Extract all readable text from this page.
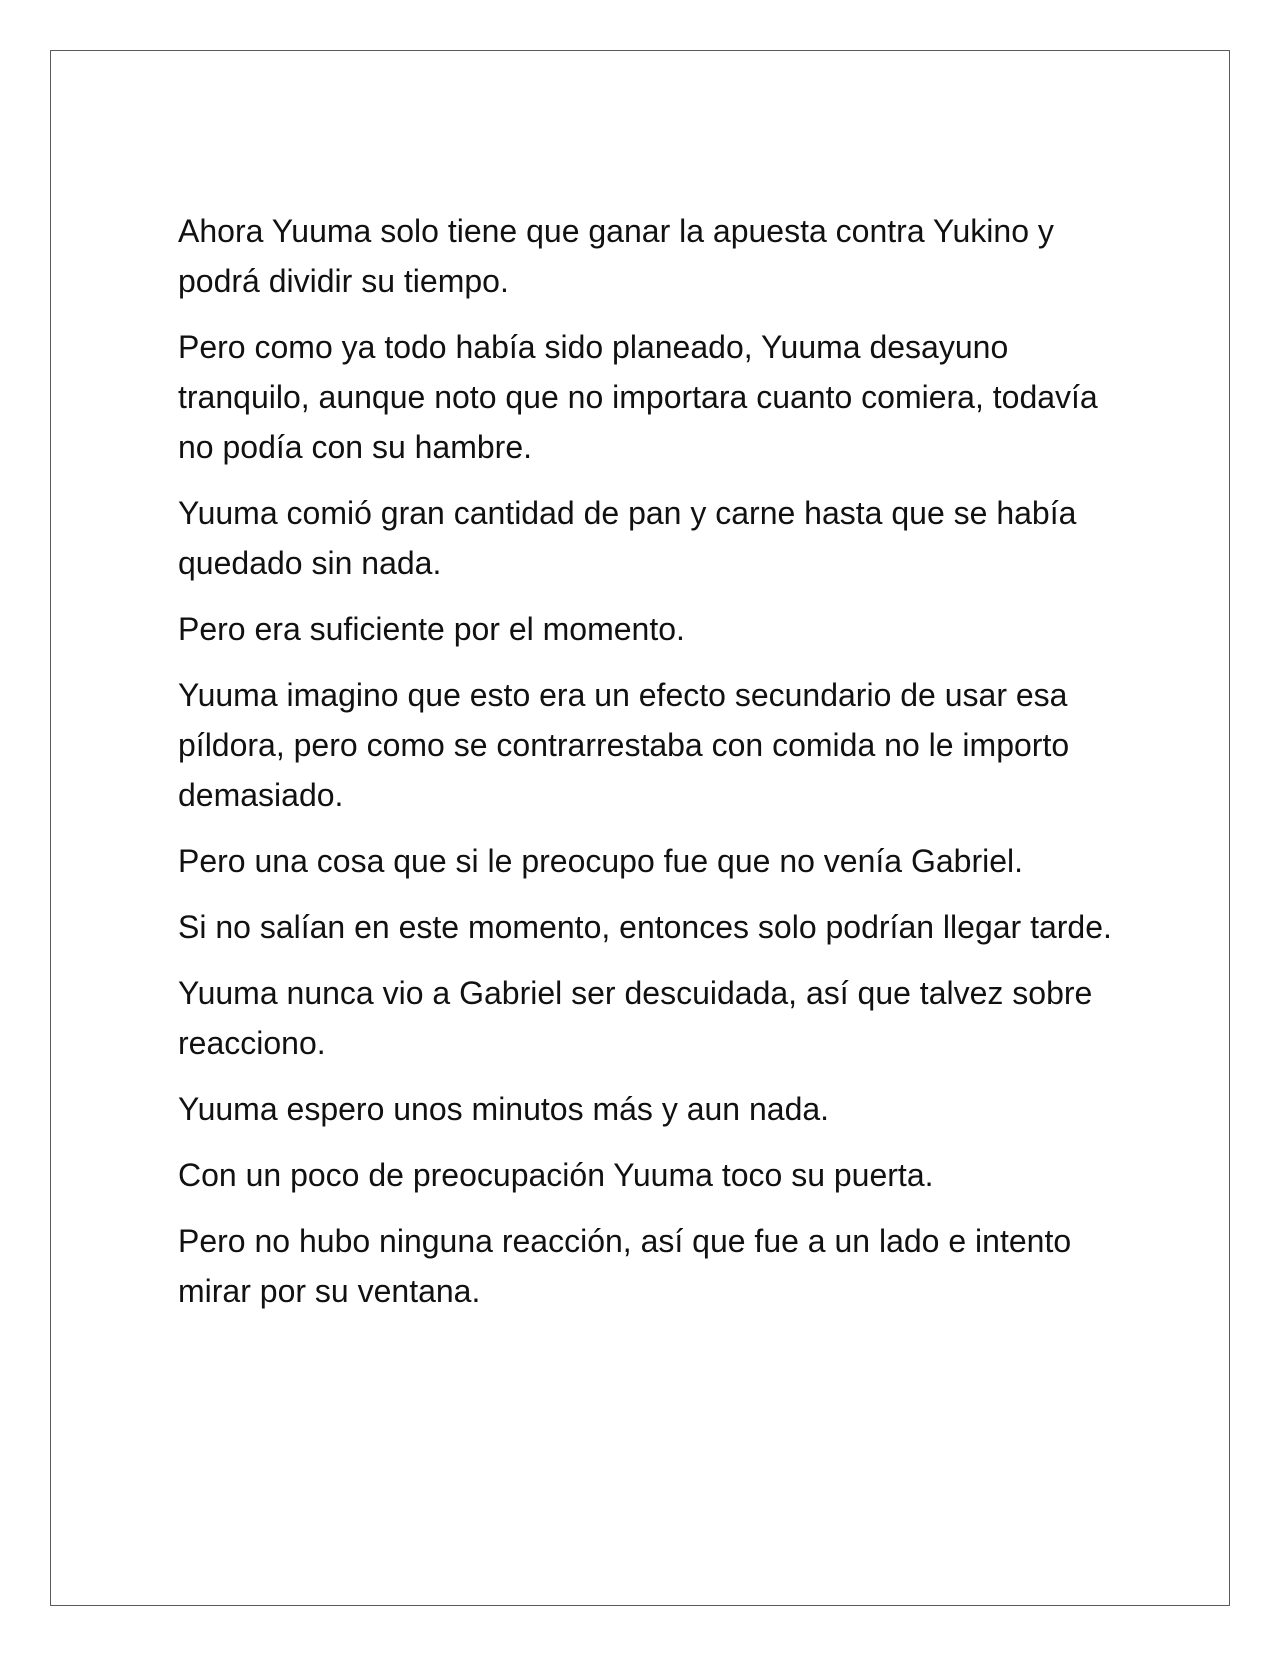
Ahora Yuuma solo tiene que ganar la apuesta contra Yukino y podrá dividir su tiempo.

Pero como ya todo había sido planeado, Yuuma desayuno tranquilo, aunque noto que no importara cuanto comiera, todavía no podía con su hambre.

Yuuma comió gran cantidad de pan y carne hasta que se había quedado sin nada.

Pero era suficiente por el momento.

Yuuma imagino que esto era un efecto secundario de usar esa píldora, pero como se contrarrestaba con comida no le importo demasiado.

Pero una cosa que si le preocupo fue que no venía Gabriel.

Si no salían en este momento, entonces solo podrían llegar tarde.

Yuuma nunca vio a Gabriel ser descuidada, así que talvez sobre reacciono.

Yuuma espero unos minutos más y aun nada.

Con un poco de preocupación Yuuma toco su puerta.

Pero no hubo ninguna reacción, así que fue a un lado e intento mirar por su ventana.
